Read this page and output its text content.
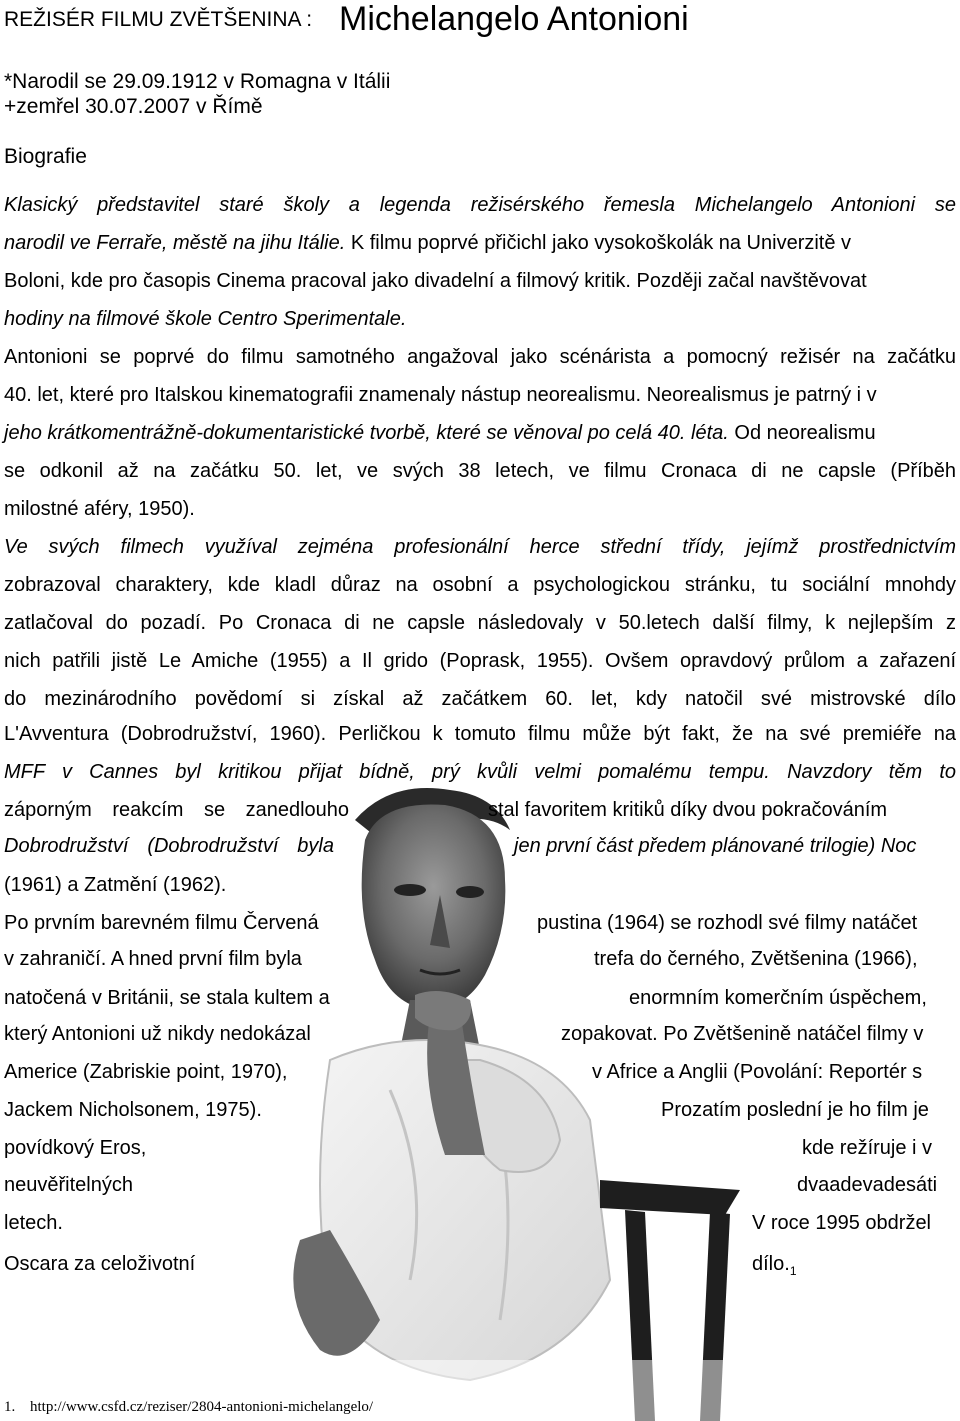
REŽISÉR FILMU ZVĚTŠENINA : Michelangelo Antonioni
*Narodil se 29.09.1912 v Romagna v Itálii
+zemřel 30.07.2007 v Římě
Biografie
Klasický představitel staré školy a legenda režisérského řemesla Michelangelo Antonioni se
narodil ve Ferraře, městě na jihu Itálie. K filmu poprvé přičichl jako vysokoškolák na Univerzitě v
Boloni, kde pro časopis Cinema pracoval jako divadelní a filmový kritik. Později začal navštěvovat
hodiny na filmové škole Centro Sperimentale.
Antonioni se poprvé do filmu samotného angažoval jako scénárista a pomocný režisér na začátku
40. let, které pro Italskou kinematografii znamenaly nástup neorealismu. Neorealismus je patrný i v
jeho krátkomentrážně-dokumentaristické tvorbě, které se věnoval po celá 40. léta. Od neorealismu
se odkonil až na začátku 50. let, ve svých 38 letech, ve filmu Cronaca di ne capsle (Příběh
milostné aféry, 1950).
Ve svých filmech využíval zejména profesionální herce střední třídy, jejímž prostřednictvím
zobrazoval charaktery, kde kladl důraz na osobní a psychologickou stránku, tu sociální mnohdy
zatlačoval do pozadí. Po Cronaca di ne capsle následovaly v 50.letech další filmy, k nejlepším z
nich patřili jistě Le Amiche (1955) a Il grido (Poprask, 1955). Ovšem opravdový průlom a zařazení
do mezinárodního povědomí si získal až začátkem 60. let, kdy natočil své mistrovské dílo
L'Avventura (Dobrodružství, 1960). Perličkou k tomuto filmu může být fakt, že na své premiéře na
MFF v Cannes byl kritikou přijat bídně, prý kvůli velmi pomalému tempu. Navzdory těm to
záporným reakcím se zanedlouho	stal favoritem kritiků díky dvou pokračováním
Dobrodružství (Dobrodružství byla	jen první část předem plánované trilogie) Noc
(1961) a Zatmění (1962).
Po prvním barevném filmu Červená	pustina (1964) se rozhodl své filmy natáčet
v zahraničí. A hned první film byla	trefa do černého, Zvětšenina (1966),
natočená v Británii, se stala kultem a	enormním komerčním úspěchem,
který Antonioni už nikdy nedokázal	zopakovat. Po Zvětšenině natáčel filmy v
Americe (Zabriskie point, 1970),	v Africe a Anglii (Povolání: Reportér s
Jackem Nicholsonem, 1975).	Prozatím poslední je ho film je
povídkový Eros,	kde režíruje i v
neuvěřitelných	dvaadevadesáti
letech.	V roce 1995 obdržel
Oscara za celoživotní	$dílo._1$
1. http://www.csfd.cz/reziser/2804-antonioni-michelangelo/
